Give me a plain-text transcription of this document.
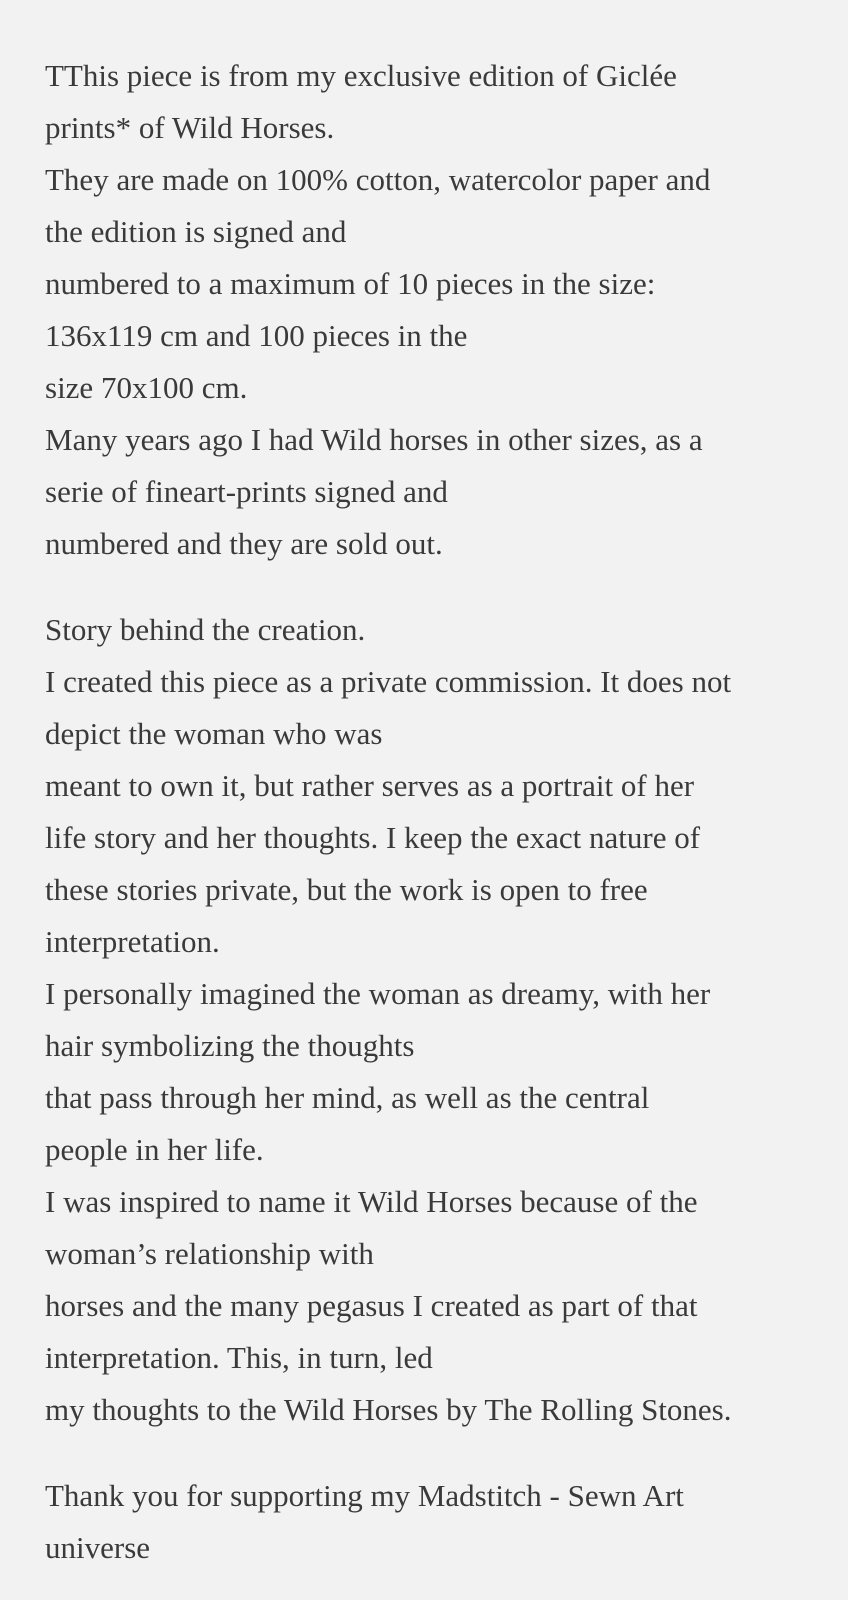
TThis piece is from my exclusive edition of Giclée
prints* of Wild Horses.
They are made on 100% cotton, watercolor paper and
the edition is signed and
numbered to a maximum of 10 pieces in the size:
136x119 cm and 100 pieces in the
size 70x100 cm.
Many years ago I had Wild horses in other sizes, as a
serie of fineart-prints signed and
numbered and they are sold out.

Story behind the creation.
I created this piece as a private commission. It does not
depict the woman who was
meant to own it, but rather serves as a portrait of her
life story and her thoughts. I keep the exact nature of
these stories private, but the work is open to free
interpretation.
I personally imagined the woman as dreamy, with her
hair symbolizing the thoughts
that pass through her mind, as well as the central
people in her life.
I was inspired to name it Wild Horses because of the
woman’s relationship with
horses and the many pegasus I created as part of that
interpretation. This, in turn, led
my thoughts to the Wild Horses by The Rolling Stones.

Thank you for supporting my Madstitch - Sewn Art
universe
